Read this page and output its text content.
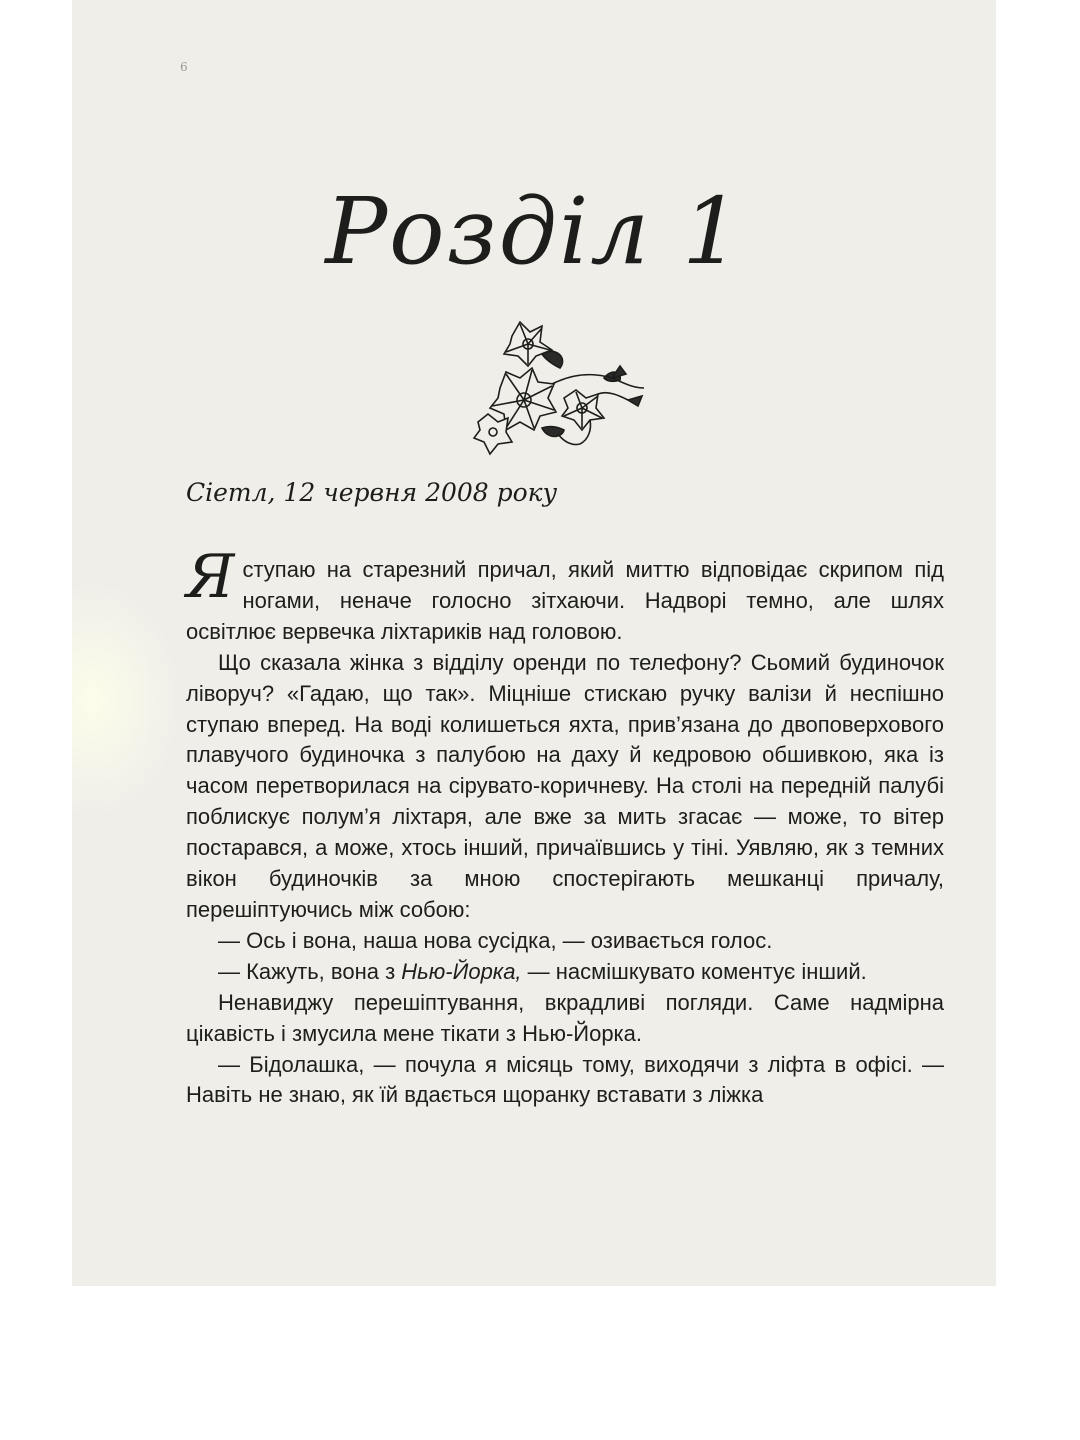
6
Розділ 1
Сіетл, 12 червня 2008 року

Я ступаю на старезний причал, який миттю відповідає скрипом під ногами, неначе голосно зітхаючи. Надворі темно, але шлях освітлює вервечка ліхтариків над головою.

Що сказала жінка з відділу оренди по телефону? Сьомий будиночок ліворуч? «Гадаю, що так». Міцніше стискаю ручку валізи й неспішно ступаю вперед. На воді колишеться яхта, прив’язана до двоповерхового плавучого будиночка з палубою на даху й кедровою обшивкою, яка із часом перетворилася на сірувато-коричневу. На столі на передній палубі поблискує полум’я ліхтаря, але вже за мить згасає — може, то вітер постарався, а може, хтось інший, причаївшись у тіні. Уявляю, як з темних вікон будиночків за мною спостерігають мешканці причалу, перешіптуючись між собою:

— Ось і вона, наша нова сусідка, — озивається голос.

— Кажуть, вона з Нью-Йорка, — насмішкувато коментує інший.

Ненавиджу перешіптування, вкрадливі погляди. Саме надмірна цікавість і змусила мене тікати з Нью-Йорка.

— Бідолашка, — почула я місяць тому, виходячи з ліфта в офісі. — Навіть не знаю, як їй вдається щоранку вставати з ліжка
